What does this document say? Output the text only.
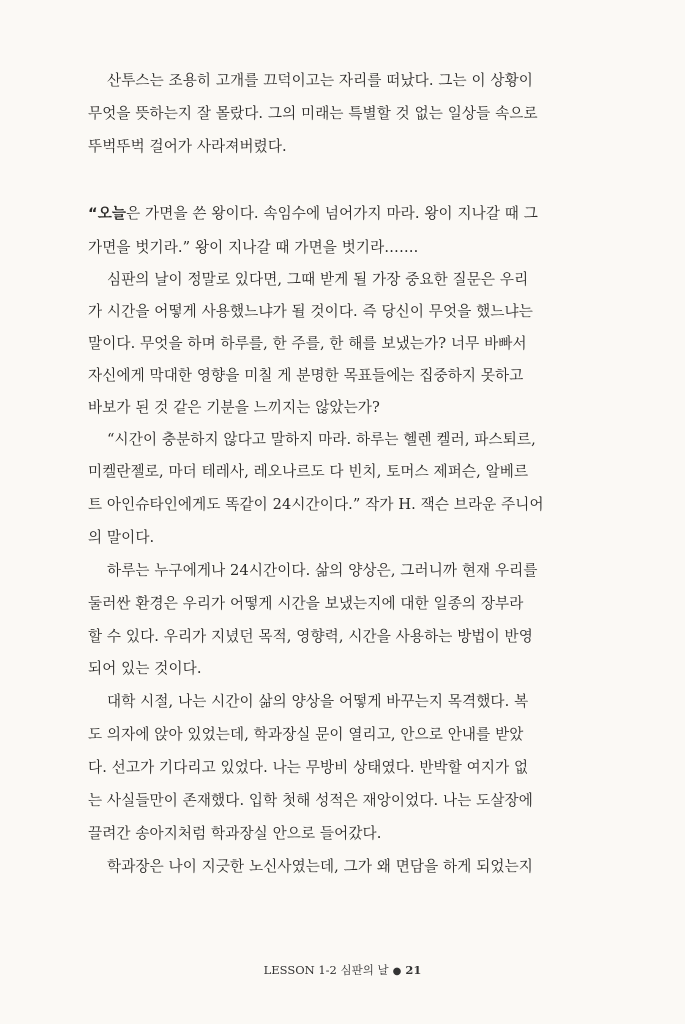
산투스는 조용히 고개를 끄덕이고는 자리를 떠났다. 그는 이 상황이
무엇을 뜻하는지 잘 몰랐다. 그의 미래는 특별할 것 없는 일상들 속으로
뚜벅뚜벅 걸어가 사라져버렸다.
“오늘은 가면을 쓴 왕이다. 속임수에 넘어가지 마라. 왕이 지나갈 때 그
가면을 벗기라.” 왕이 지나갈 때 가면을 벗기라…….
심판의 날이 정말로 있다면, 그때 받게 될 가장 중요한 질문은 우리
가 시간을 어떻게 사용했느냐가 될 것이다. 즉 당신이 무엇을 했느냐는
말이다. 무엇을 하며 하루를, 한 주를, 한 해를 보냈는가? 너무 바빠서
자신에게 막대한 영향을 미칠 게 분명한 목표들에는 집중하지 못하고
바보가 된 것 같은 기분을 느끼지는 않았는가?
“시간이 충분하지 않다고 말하지 마라. 하루는 헬렌 켈러, 파스퇴르,
미켈란젤로, 마더 테레사, 레오나르도 다 빈치, 토머스 제퍼슨, 알베르
트 아인슈타인에게도 똑같이 24시간이다.” 작가 H. 잭슨 브라운 주니어
의 말이다.
하루는 누구에게나 24시간이다. 삶의 양상은, 그러니까 현재 우리를
둘러싼 환경은 우리가 어떻게 시간을 보냈는지에 대한 일종의 장부라
할 수 있다. 우리가 지녔던 목적, 영향력, 시간을 사용하는 방법이 반영
되어 있는 것이다.
대학 시절, 나는 시간이 삶의 양상을 어떻게 바꾸는지 목격했다. 복
도 의자에 앉아 있었는데, 학과장실 문이 열리고, 안으로 안내를 받았
다. 선고가 기다리고 있었다. 나는 무방비 상태였다. 반박할 여지가 없
는 사실들만이 존재했다. 입학 첫해 성적은 재앙이었다. 나는 도살장에
끌려간 송아지처럼 학과장실 안으로 들어갔다.
학과장은 나이 지긋한 노신사였는데, 그가 왜 면담을 하게 되었는지
LESSON 1-2 심판의 날 ● 21
